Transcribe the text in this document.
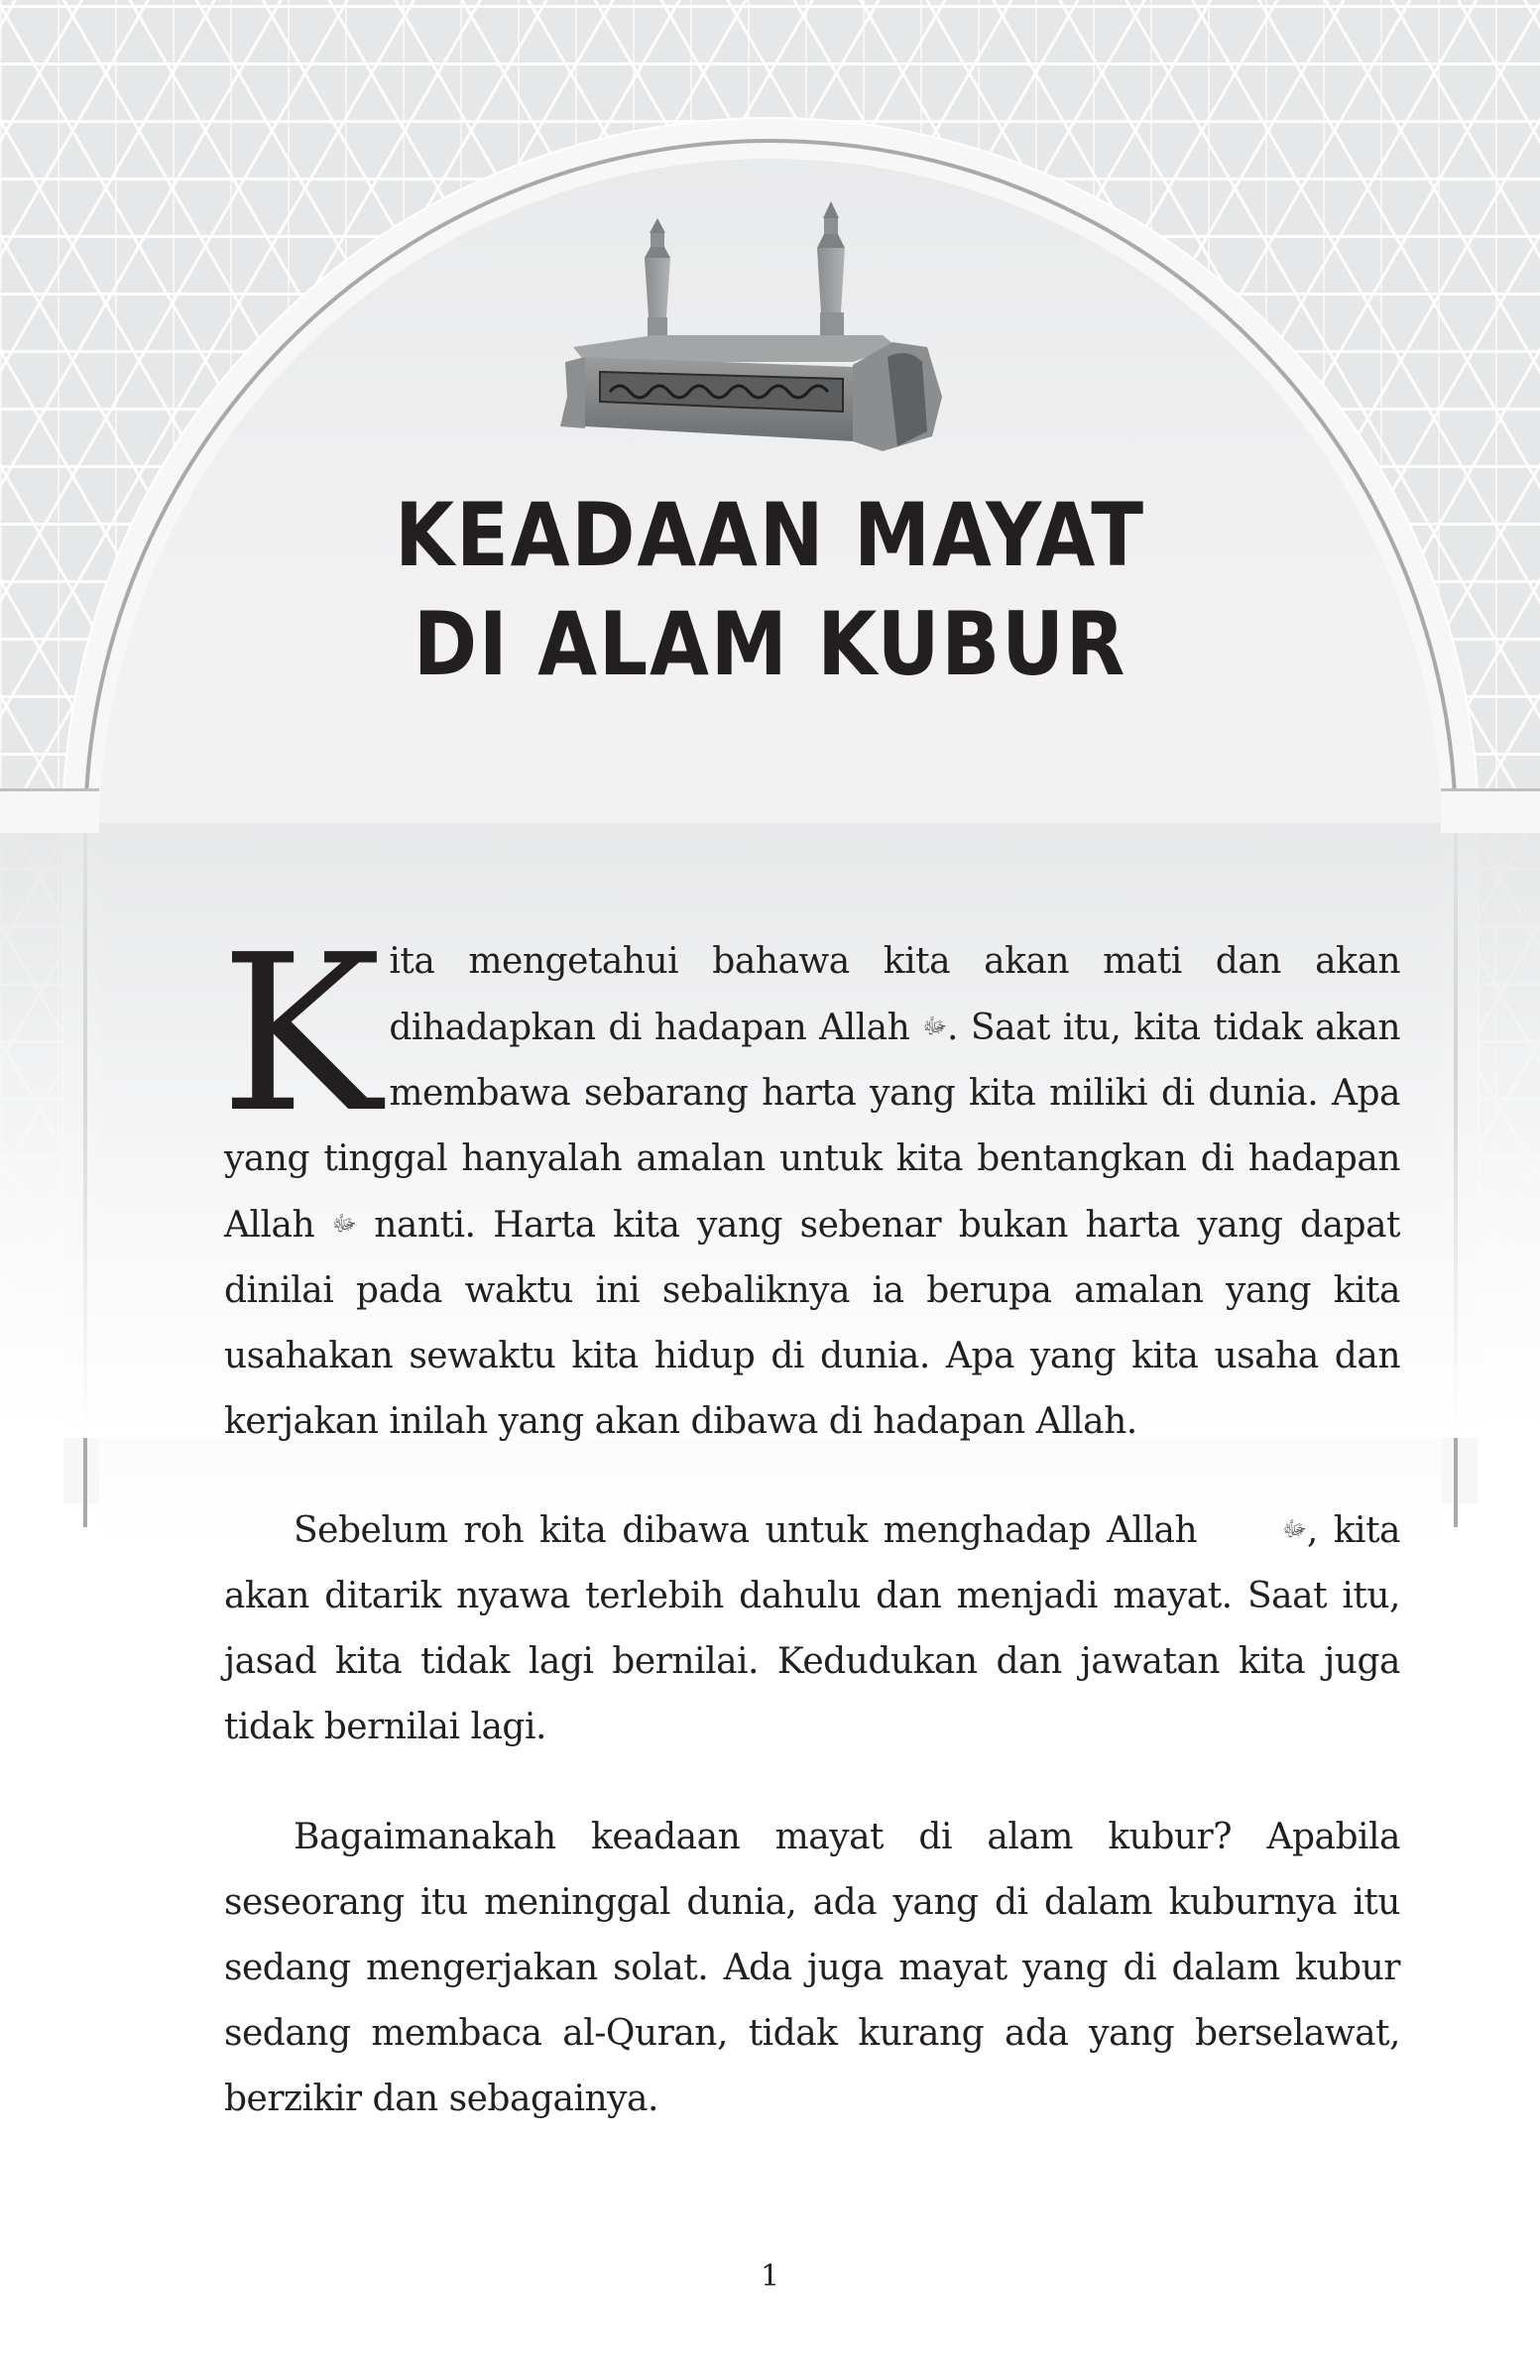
KEADAAN MAYAT
DI ALAM KUBUR
Kita mengetahui bahawa kita akan mati dan akan dihadapkan di hadapan Allah ﷻ. Saat itu, kita tidak akan membawa sebarang harta yang kita miliki di dunia. Apa yang tinggal hanyalah amalan untuk kita bentangkan di hadapan Allah ﷻ nanti. Harta kita yang sebenar bukan harta yang dapat dinilai pada waktu ini sebaliknya ia berupa amalan yang kita usahakan sewaktu kita hidup di dunia. Apa yang kita usaha dan kerjakan inilah yang akan dibawa di hadapan Allah.
Sebelum roh kita dibawa untuk menghadap Allah	ﷻ, kita akan ditarik nyawa terlebih dahulu dan menjadi mayat. Saat itu, jasad kita tidak lagi bernilai. Kedudukan dan jawatan kita juga tidak bernilai lagi.
Bagaimanakah keadaan mayat di alam kubur? Apabila seseorang itu meninggal dunia, ada yang di dalam kuburnya itu sedang mengerjakan solat. Ada juga mayat yang di dalam kubur sedang membaca al-Quran, tidak kurang ada yang berselawat, berzikir dan sebagainya.
1
